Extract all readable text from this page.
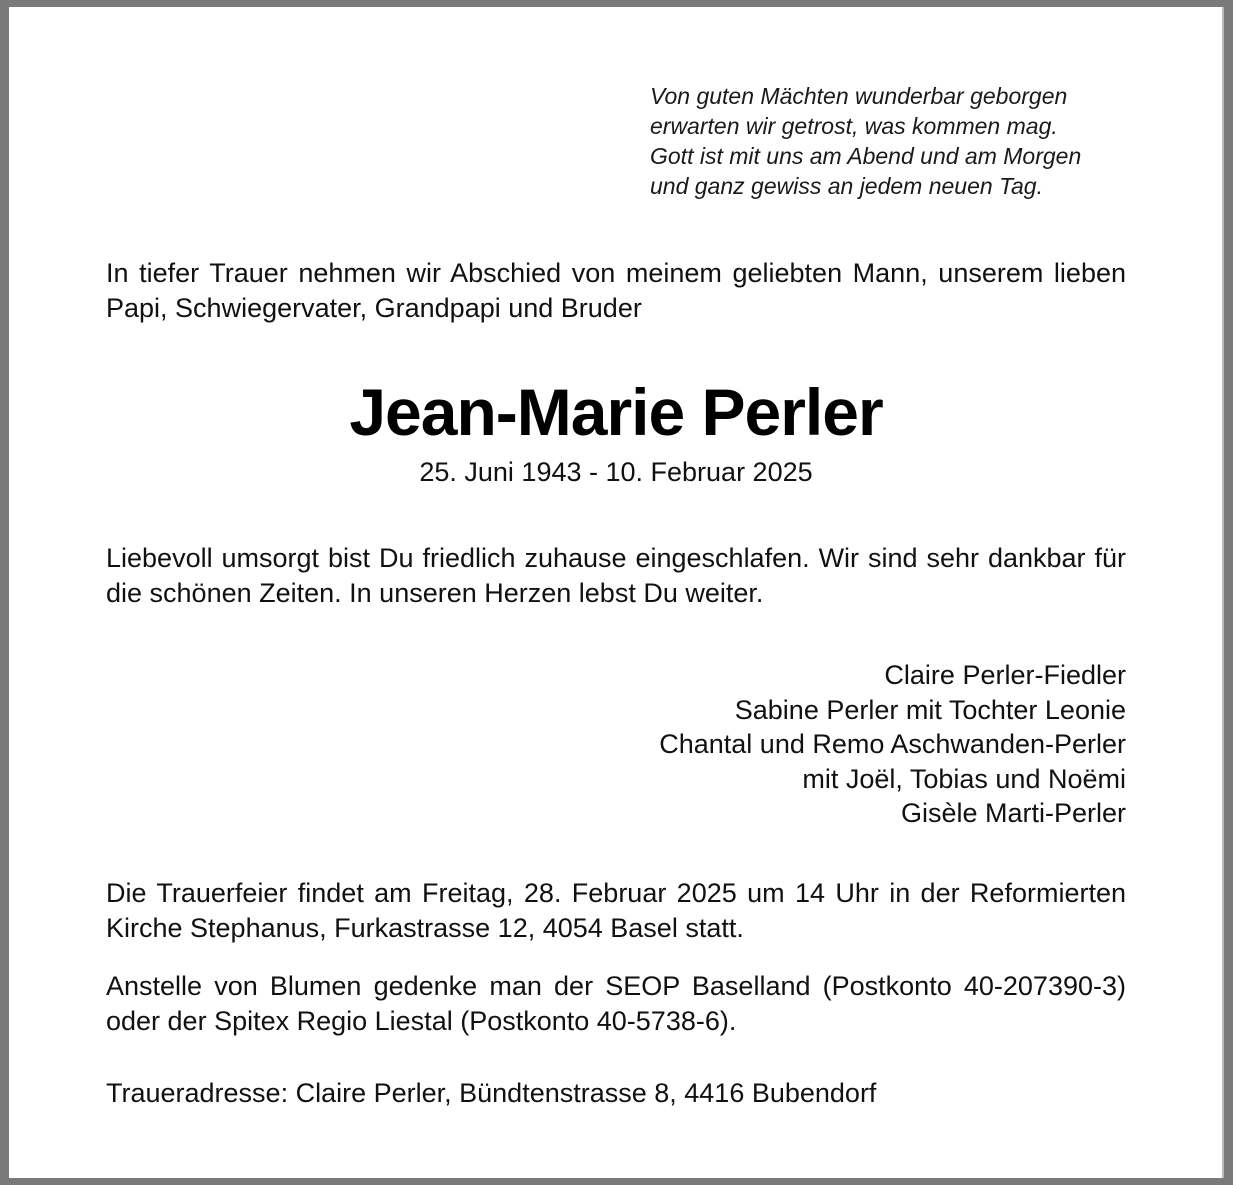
Von guten Mächten wunderbar geborgen
erwarten wir getrost, was kommen mag.
Gott ist mit uns am Abend und am Morgen
und ganz gewiss an jedem neuen Tag.
In tiefer Trauer nehmen wir Abschied von meinem geliebten Mann, unserem lieben Papi, Schwiegervater, Grandpapi und Bruder
Jean-Marie Perler
25. Juni 1943 - 10. Februar 2025
Liebevoll umsorgt bist Du friedlich zuhause eingeschlafen. Wir sind sehr dankbar für die schönen Zeiten. In unseren Herzen lebst Du weiter.
Claire Perler-Fiedler
Sabine Perler mit Tochter Leonie
Chantal und Remo Aschwanden-Perler
mit Joël, Tobias und Noëmi
Gisèle Marti-Perler
Die Trauerfeier findet am Freitag, 28. Februar 2025 um 14 Uhr in der Reformierten Kirche Stephanus, Furkastrasse 12, 4054 Basel statt.
Anstelle von Blumen gedenke man der SEOP Baselland (Postkonto 40-207390-3) oder der Spitex Regio Liestal (Postkonto 40-5738-6).
Traueradresse: Claire Perler, Bündtenstrasse 8, 4416 Bubendorf
